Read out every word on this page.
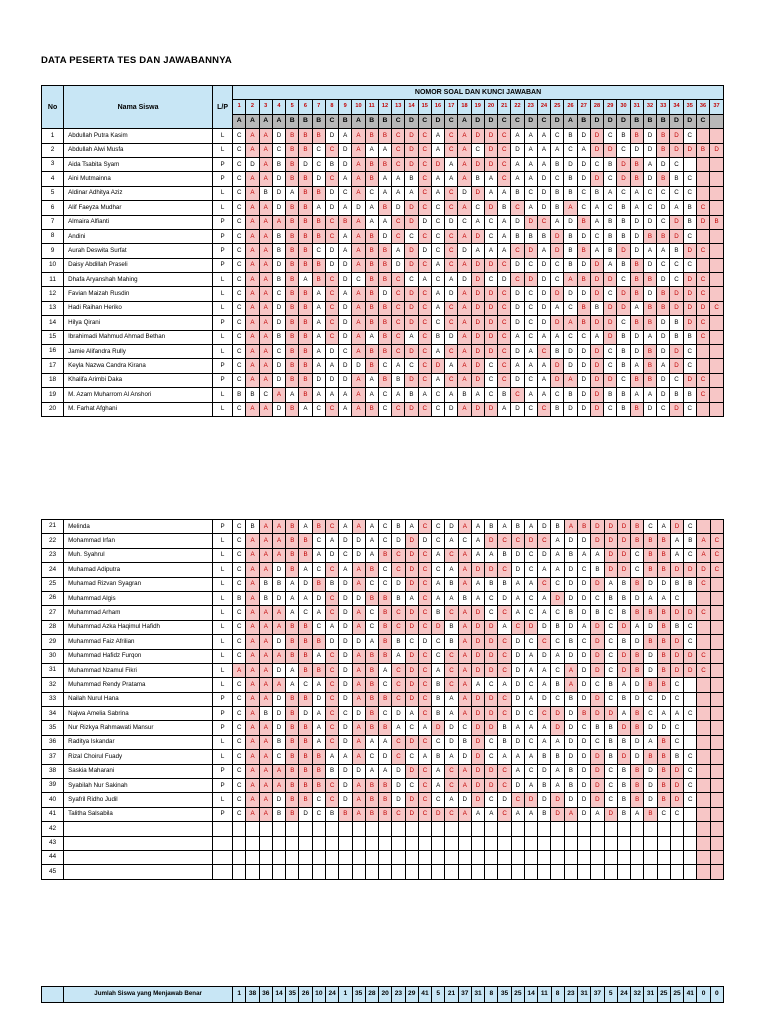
DATA PESERTA TES DAN JAWABANNYA
No	Nama Siswa	L/P	NOMOR SOAL DAN KUNCI JAWABAN																																				
			1	2	3	4	5	6	7	8	9	10	11	12	13	14	15	16	17	18	19	20	21	22	23	24	25	26	27	28	29	30	31	32	33	34	35	36	37
			A	A	A	A	B	B	B	C	B	A	B	B	C	D	C	D	C	A	D	D	C	C	D	C	D	A	B	D	D	D	B	B	B	D	D	C	
1	Abdullah Putra Kasim	L	C	A	A	D	B	B	B	D	A	A	B	B	C	D	C	A	C	A	D	D	C	A	A	A	C	B	D	D	C	B	B	D	B	D	C		
2	Abdullah Alwi Musfa	L	C	A	A	C	B	B	C	C	D	A	A	A	C	D	C	A	C	A	C	D	C	D	A	A	A	C	A	D	D	C	D	D	B	D	D	B	D
3	Aida Tsabita Syam	P	C	D	A	B	B	D	C	B	D	A	B	B	C	D	C	D	A	A	D	D	C	A	A	A	B	D	D	C	B	D	B	A	D	C			
4	Aini Mutmainna	P	C	A	A	D	B	B	D	C	A	A	B	A	A	B	C	A	A	A	B	A	C	A	A	D	C	B	D	D	C	D	B	D	B	B	C		
5	Aldinar Adhitya Aziz	L	C	A	B	D	A	B	B	D	C	A	C	A	A	A	C	A	C	D	D	A	A	B	C	D	B	B	C	B	A	C	A	C	C	C	C		
6	Alif Faeyza Mudhar	L	C	A	A	D	B	B	A	D	A	D	A	B	D	D	C	C	C	A	C	D	B	C	A	D	B	A	C	A	C	B	A	C	D	A	B	C	
7	Almaira Alfianti	P	C	A	A	A	B	B	B	C	B	A	A	A	C	D	D	C	D	C	A	C	A	D	D	C	A	D	B	A	B	B	D	D	C	D	B	D	B
8	Andini	P	C	A	A	B	B	B	B	C	A	A	B	D	C	C	C	C	C	A	D	C	A	B	B	B	D	B	D	C	B	B	D	B	B	D	C		
9	Aurah Deswita Surfat	P	C	A	A	B	B	B	C	D	A	A	B	B	A	D	D	C	C	D	A	A	A	C	D	A	D	B	B	A	B	D	D	A	A	B	D	C	
10	Daisy Abdillah Praseli	P	C	A	A	D	B	B	B	D	D	A	B	B	D	D	C	A	C	A	D	D	C	D	C	D	C	B	D	D	A	B	B	D	C	C	C		
11	Dhafa Aryanshah Mahing	L	C	A	A	B	B	A	B	C	D	C	B	B	C	C	A	C	A	D	D	C	D	C	D	D	C	A	B	D	D	C	B	B	D	C	D	C	
12	Favian Maizah Rusdin	L	C	A	A	C	B	B	A	C	A	A	B	D	C	D	C	A	D	A	D	D	C	D	C	D	D	D	D	D	C	D	B	D	B	D	D	C	
13	Hadi Raihan Heriko	L	C	A	A	D	B	B	A	C	D	A	B	B	C	D	C	A	C	A	D	D	C	D	C	D	A	C	B	B	D	D	A	B	B	D	D	D	C
14	Hilya Qirani	P	C	A	A	D	B	B	A	C	D	A	B	B	C	D	C	C	C	A	D	D	C	D	C	D	D	A	B	D	D	C	B	B	D	B	D	C	
15	Ibrahimadi Mahmud Ahmad Bethan	L	C	A	A	B	B	B	A	C	D	A	A	B	C	A	C	B	D	A	D	D	C	A	C	A	A	C	C	A	D	B	D	A	D	B	B	C	
16	Jamie Alifandra Rully	L	C	A	A	C	B	B	A	D	C	A	B	B	C	D	C	A	C	A	D	D	C	D	A	C	B	D	D	D	C	B	D	B	D	D	C		
17	Keyla Nazwa Candra Kirana	P	C	A	A	D	B	B	A	A	D	D	B	C	A	C	C	D	A	A	D	C	C	A	A	A	D	D	D	D	C	B	A	B	A	D	C		
18	Khalifa Arimbi Daka	P	C	A	A	D	B	B	D	D	D	A	A	B	B	D	C	A	C	A	D	C	C	D	C	A	D	A	D	D	D	C	B	B	D	C	D	C	
19	M. Azam Muharrom Al Anshori	L	B	B	C	A	A	B	A	A	A	A	A	C	A	B	A	C	A	B	A	C	B	C	A	A	C	B	D	D	B	B	A	A	D	B	B	C	
20	M. Farhat Afghani	L	C	A	A	D	B	A	C	C	A	A	B	C	C	D	C	C	D	A	D	D	A	D	C	C	B	D	D	D	C	B	B	D	C	D	C		
21	Melinda	P	C	B	A	A	B	A	B	C	A	A	A	C	B	A	C	C	D	A	A	B	A	B	A	D	B	A	B	D	D	D	B	C	A	D	C		
22	Mohammad Irfan	L	C	A	A	A	B	B	C	A	D	D	A	C	D	D	D	C	A	C	A	D	C	C	D	C	A	D	D	D	D	D	B	B	B	A	B	A	C
23	Muh. Syahrul	L	C	A	A	A	B	B	A	D	C	D	A	B	C	D	C	A	C	A	A	A	B	D	C	D	A	B	A	A	D	D	C	B	B	A	C	A	C
24	Muhamad Adiputra	L	C	A	A	D	B	A	C	C	A	A	B	C	C	D	C	C	A	A	D	D	C	D	C	A	A	D	C	B	D	D	C	B	B	D	D	D	C
25	Muhamad Rizvan Syagran	L	C	A	B	B	A	D	B	B	D	A	C	C	D	D	C	A	B	A	A	B	B	A	A	C	C	D	D	D	A	B	B	D	D	B	B	C	
26	Muhammad Algis	L	B	A	B	D	A	A	D	C	D	D	B	B	B	A	C	A	A	B	A	C	D	A	C	A	D	D	D	C	B	B	D	A	A	C			
27	Muhammad Arham	L	C	A	A	A	A	C	A	C	D	A	C	B	C	D	C	B	C	A	D	C	C	A	C	A	C	B	D	B	C	B	B	B	B	D	D	C	
28	Muhammad Azka Haqimul Hafidh	L	C	A	A	A	B	B	C	A	D	A	C	B	C	D	C	D	B	A	D	D	A	C	D	D	B	D	A	D	C	D	A	D	B	B	C		
29	Muhammad Faiz Afrilian	L	C	A	A	D	B	B	B	D	D	D	A	B	B	C	D	C	B	A	D	D	C	D	C	C	C	B	C	D	C	B	D	B	B	D	C		
30	Muhammad Hafidz Furqon	L	C	A	A	A	B	B	A	C	D	A	B	B	A	D	C	C	C	A	D	D	C	D	A	D	A	D	D	D	C	D	B	D	B	D	D	C	
31	Muhammad Nzamul Fikri	L	A	A	A	D	A	B	B	C	D	A	B	A	C	D	C	A	C	A	D	D	C	D	A	A	C	A	D	D	C	D	B	D	B	D	D	C	
32	Muhammad Rendy Pratama	L	C	A	A	A	A	C	A	C	D	A	B	C	C	D	C	B	C	A	A	C	A	D	C	A	B	A	D	C	B	A	D	B	B	C			
33	Nailah Nurul Hana	P	C	A	A	D	B	B	D	C	D	A	B	B	C	D	C	B	A	A	D	D	C	D	A	D	C	B	D	D	C	B	D	C	D	C			
34	Najwa Amelia Sabrina	P	C	A	B	D	B	D	A	C	C	D	B	C	D	A	C	B	A	A	D	D	C	D	C	C	D	D	B	D	D	A	B	C	A	A	C		
35	Nur Rizkya Rahmawati Mansur	P	C	A	A	D	B	B	A	C	D	A	B	B	A	C	A	D	D	C	D	D	B	A	A	A	D	D	C	B	B	D	B	D	D	C			
36	Raditya Iskandar	L	C	A	A	B	B	B	A	C	D	A	A	A	C	D	C	C	D	B	D	C	B	D	C	A	A	D	D	C	B	B	D	A	B	C			
37	Rizal Choirul Fuady	L	C	A	A	C	B	B	B	A	A	A	C	D	C	C	A	B	A	D	D	C	A	A	A	B	B	D	D	D	B	D	D	B	B	B	C		
38	Saskia Maharani	P	C	A	A	A	B	B	B	B	D	D	A	A	D	D	C	A	C	A	D	D	C	A	C	D	A	B	D	D	C	B	B	D	B	D	C		
39	Syabilah Nur Sakinah	P	C	A	A	A	B	B	B	C	D	A	B	B	D	C	C	A	C	A	D	D	C	D	A	B	A	B	D	D	C	B	B	D	B	D	C		
40	Syafril Ridho Judil	L	C	A	A	D	B	B	C	C	D	A	B	B	D	D	C	C	A	D	D	C	D	C	D	D	D	D	D	D	C	B	B	D	B	D	C		
41	Talitha Salsabila	P	C	A	A	B	B	D	C	B	B	A	B	B	C	D	C	D	C	A	A	A	C	A	A	B	D	A	D	A	D	B	A	B	C	C			
42																																							
43																																							
44																																							
45																																							
	Jumlah Siswa yang Menjawab Benar	1	38	36	14	35	26	10	24	1	35	28	20	23	29	41	5	21	37	31	8	35	25	14	11	8	23	31	37	5	24	32	31	25	25	41	0	0
